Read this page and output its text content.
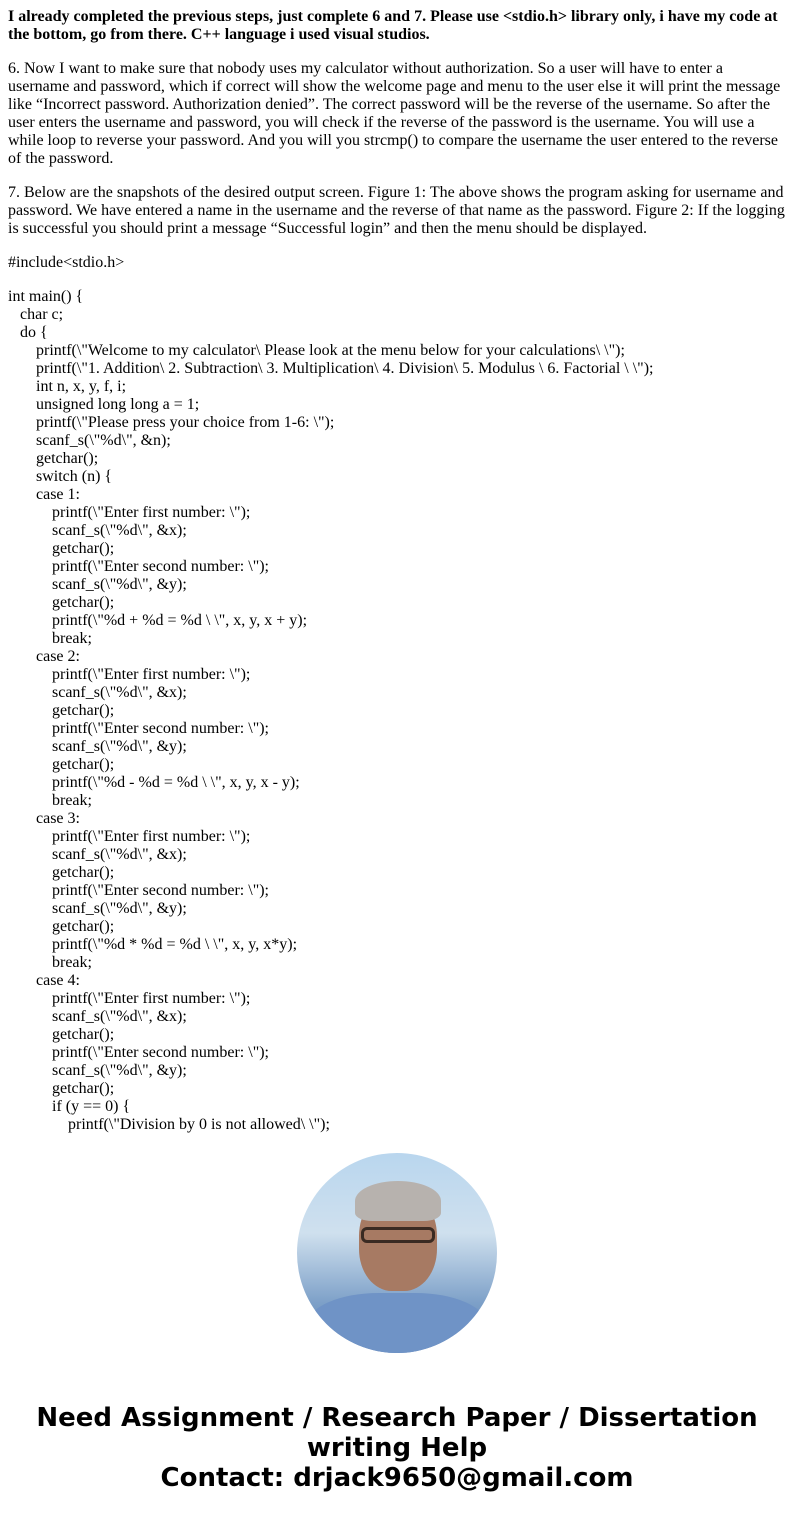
I already completed the previous steps, just complete 6 and 7. Please use <stdio.h> library only, i have my code at the bottom, go from there. C++ language i used visual studios.

6. Now I want to make sure that nobody uses my calculator without authorization. So a user will have to enter a username and password, which if correct will show the welcome page and menu to the user else it will print the message like “Incorrect password. Authorization denied”. The correct password will be the reverse of the username. So after the user enters the username and password, you will check if the reverse of the password is the username. You will use a while loop to reverse your password. And you will you strcmp() to compare the username the user entered to the reverse of the password.

7. Below are the snapshots of the desired output screen. Figure 1: The above shows the program asking for username and password. We have entered a name in the username and the reverse of that name as the password. Figure 2: If the logging is successful you should print a message “Successful login” and then the menu should be displayed.

#include<stdio.h>

int main() {
char c;
do {
printf(\"Welcome to my calculator\ Please look at the menu below for your calculations\ \");
printf(\"1. Addition\ 2. Subtraction\ 3. Multiplication\ 4. Division\ 5. Modulus \ 6. Factorial \ \");
int n, x, y, f, i;
unsigned long long a = 1;
printf(\"Please press your choice from 1-6: \");
scanf_s(\"%d\", &n);
getchar();
switch (n) {
case 1:
printf(\"Enter first number: \");
scanf_s(\"%d\", &x);
getchar();
printf(\"Enter second number: \");
scanf_s(\"%d\", &y);
getchar();
printf(\"%d + %d = %d \ \", x, y, x + y);
break;
case 2:
printf(\"Enter first number: \");
scanf_s(\"%d\", &x);
getchar();
printf(\"Enter second number: \");
scanf_s(\"%d\", &y);
getchar();
printf(\"%d - %d = %d \ \", x, y, x - y);
break;
case 3:
printf(\"Enter first number: \");
scanf_s(\"%d\", &x);
getchar();
printf(\"Enter second number: \");
scanf_s(\"%d\", &y);
getchar();
printf(\"%d * %d = %d \ \", x, y, x*y);
break;
case 4:
printf(\"Enter first number: \");
scanf_s(\"%d\", &x);
getchar();
printf(\"Enter second number: \");
scanf_s(\"%d\", &y);
getchar();
if (y == 0) {
printf(\"Division by 0 is not allowed\ \");
Need Assignment / Research Paper / Dissertation writing Help
Contact: drjack9650@gmail.com
